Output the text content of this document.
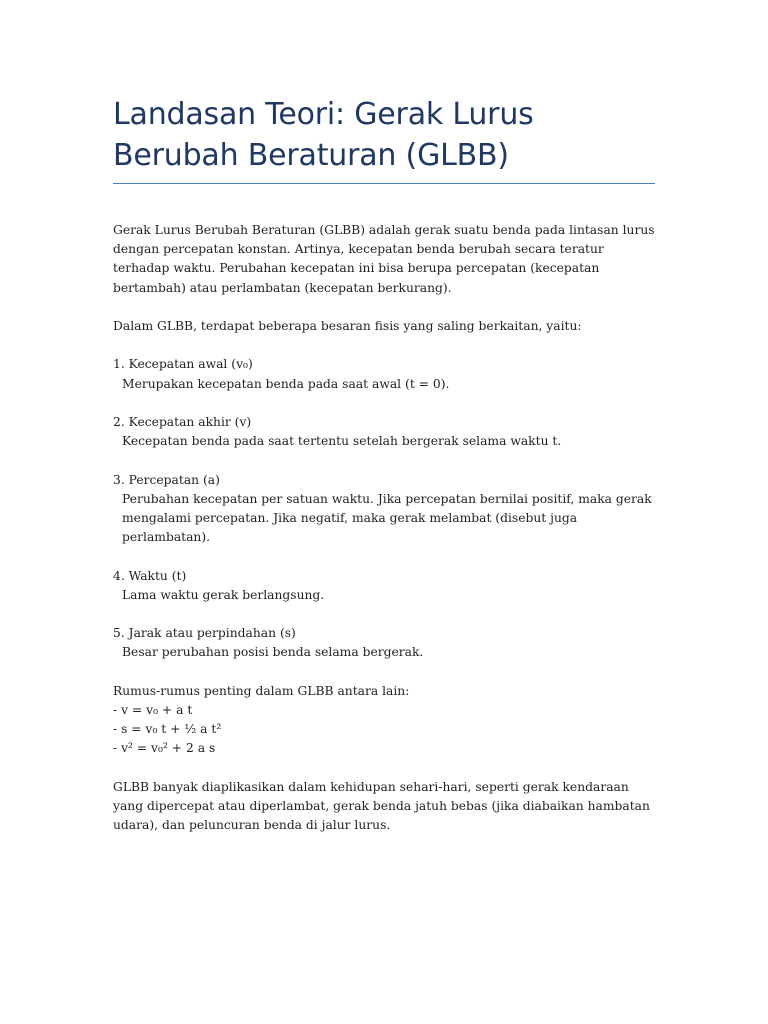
Landasan Teori: Gerak Lurus Berubah Beraturan (GLBB)

Gerak Lurus Berubah Beraturan (GLBB) adalah gerak suatu benda pada lintasan lurus dengan percepatan konstan. Artinya, kecepatan benda berubah secara teratur terhadap waktu. Perubahan kecepatan ini bisa berupa percepatan (kecepatan bertambah) atau perlambatan (kecepatan berkurang).

Dalam GLBB, terdapat beberapa besaran fisis yang saling berkaitan, yaitu:

1. Kecepatan awal (v₀)
Merupakan kecepatan benda pada saat awal (t = 0).
2. Kecepatan akhir (v)
Kecepatan benda pada saat tertentu setelah bergerak selama waktu t.
3. Percepatan (a)
Perubahan kecepatan per satuan waktu. Jika percepatan bernilai positif, maka gerak mengalami percepatan. Jika negatif, maka gerak melambat (disebut juga perlambatan).
4. Waktu (t)
Lama waktu gerak berlangsung.
5. Jarak atau perpindahan (s)
Besar perubahan posisi benda selama bergerak.
Rumus-rumus penting dalam GLBB antara lain:
- v = v₀ + a t
- s = v₀ t + ½ a t²
- v² = v₀² + 2 a s

GLBB banyak diaplikasikan dalam kehidupan sehari-hari, seperti gerak kendaraan yang dipercepat atau diperlambat, gerak benda jatuh bebas (jika diabaikan hambatan udara), dan peluncuran benda di jalur lurus.
